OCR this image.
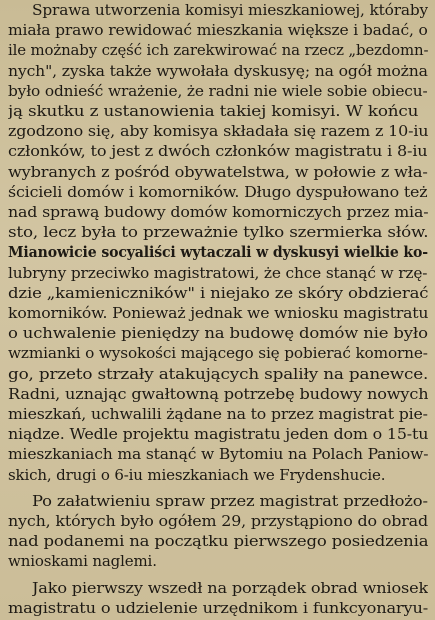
Sprawa utworzenia komisyi mieszkaniowej, któraby
miała prawo rewidować mieszkania większe i badać, o
ile możnaby część ich zarekwirować na rzecz „bezdomn-
nych", zyska także wywołała dyskusyę; na ogół można
było odnieść wrażenie, że radni nie wiele sobie obiecu-
ją skutku z ustanowienia takiej komisyi. W końcu
zgodzono się, aby komisya składała się razem z 10-iu
członków, to jest z dwóch członków magistratu i 8-iu
wybranych z pośród obywatelstwa, w połowie z wła-
ścicieli domów i komorników. Długo dyspułowano też
nad sprawą budowy domów komorniczych przez mia-
sto, lecz była to przeważnie tylko szermierka słów.
Mianowicie socyaliści wytaczali w dyskusyi wielkie ko-
lubryny przeciwko magistratowi, że chce stanąć w rzę-
dzie „kamieniczników" i niejako ze skóry obdzierać
komorników. Ponieważ jednak we wniosku magistratu
o uchwalenie pieniędzy na budowę domów nie było
wzmianki o wysokości mającego się pobierać komorne-
go, przeto strzały atakujących spaliły na panewce.
Radni, uznając gwałtowną potrzebę budowy nowych
mieszkań, uchwalili żądane na to przez magistrat pie-
niądze. Wedle projektu magistratu jeden dom o 15-tu
mieszkaniach ma stanąć w Bytomiu na Polach Paniow-
skich, drugi o 6-iu mieszkaniach we Frydenshucie.
Po załatwieniu spraw przez magistrat przedłożo-
nych, których było ogółem 29, przystąpiono do obrad
nad podanemi na początku pierwszego posiedzenia
wnioskami naglemi.
Jako pierwszy wszedł na porządek obrad wniosek
magistratu o udzielenie urzędnikom i funkcyonaryu-
